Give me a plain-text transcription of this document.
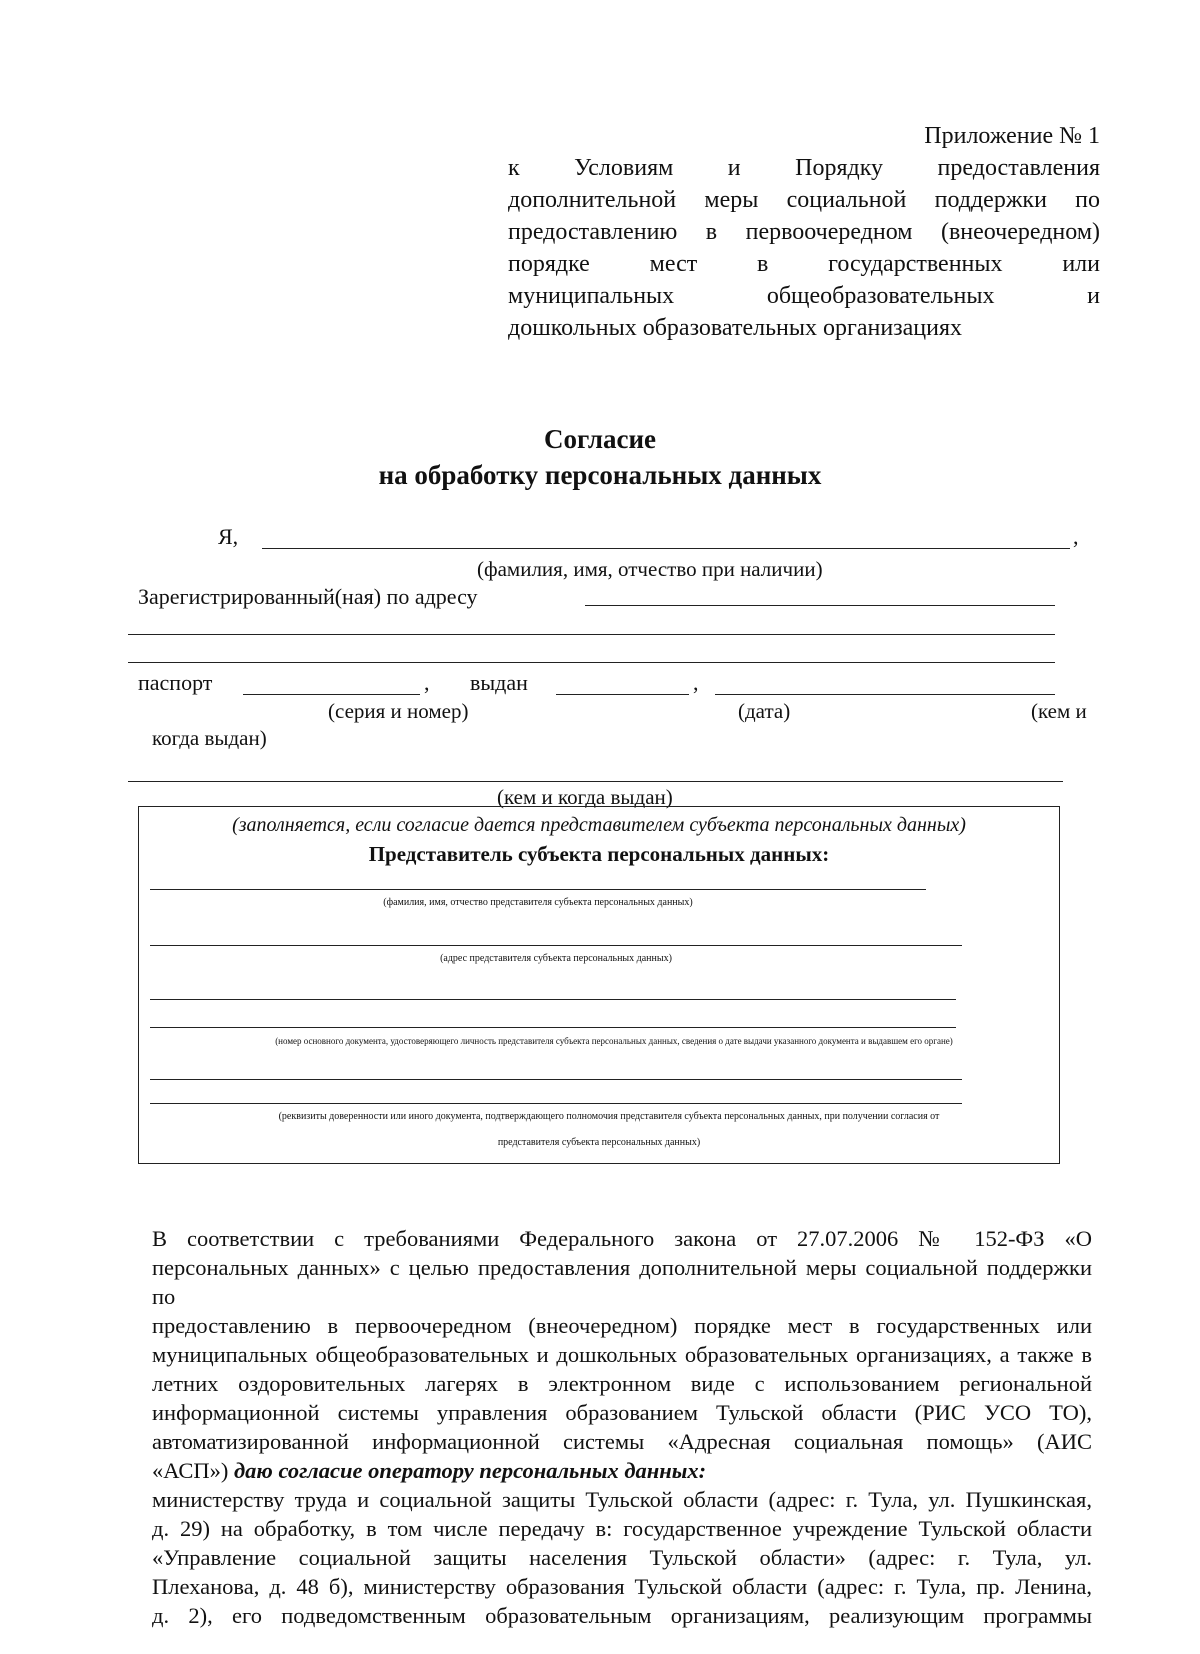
Приложение № 1
к Условиям и Порядку предоставления
дополнительной меры социальной поддержки по
предоставлению в первоочередном (внеочередном)
порядке мест в государственных или
муниципальных общеобразовательных и
дошкольных образовательных организациях
Согласие
на обработку персональных данных
Я,	,
(фамилия, имя, отчество при наличии)
Зарегистрированный(ная) по адресу
паспорт	, выдан	,
(серия и номер)	(дата)	(кем и
когда выдан)
(кем и когда выдан)
(заполняется, если согласие дается представителем субъекта персональных данных)
Представитель субъекта персональных данных:
(фамилия, имя, отчество представителя субъекта персональных данных)
(адрес представителя субъекта персональных данных)
(номер основного документа, удостоверяющего личность представителя субъекта персональных данных, сведения о дате выдачи указанного документа и выдавшем его органе)
(реквизиты доверенности или иного документа, подтверждающего полномочия представителя субъекта персональных данных, при получении согласия от
представителя субъекта персональных данных)
В соответствии с требованиями Федерального закона от 27.07.2006 № 152-ФЗ «О
персональных данных» с целью предоставления дополнительной меры социальной поддержки по
предоставлению в первоочередном (внеочередном) порядке мест в государственных или
муниципальных общеобразовательных и дошкольных образовательных организациях, а также в
летних оздоровительных лагерях в электронном виде с использованием региональной
информационной системы управления образованием Тульской области (РИС УСО ТО),
автоматизированной информационной системы «Адресная социальная помощь» (АИС
«АСП») даю согласие оператору персональных данных:
министерству труда и социальной защиты Тульской области (адрес: г. Тула, ул. Пушкинская,
д. 29) на обработку, в том числе передачу в: государственное учреждение Тульской области
«Управление социальной защиты населения Тульской области» (адрес: г. Тула, ул.
Плеханова, д. 48 б), министерству образования Тульской области (адрес: г. Тула, пр. Ленина,
д. 2), его подведомственным образовательным организациям, реализующим программы
